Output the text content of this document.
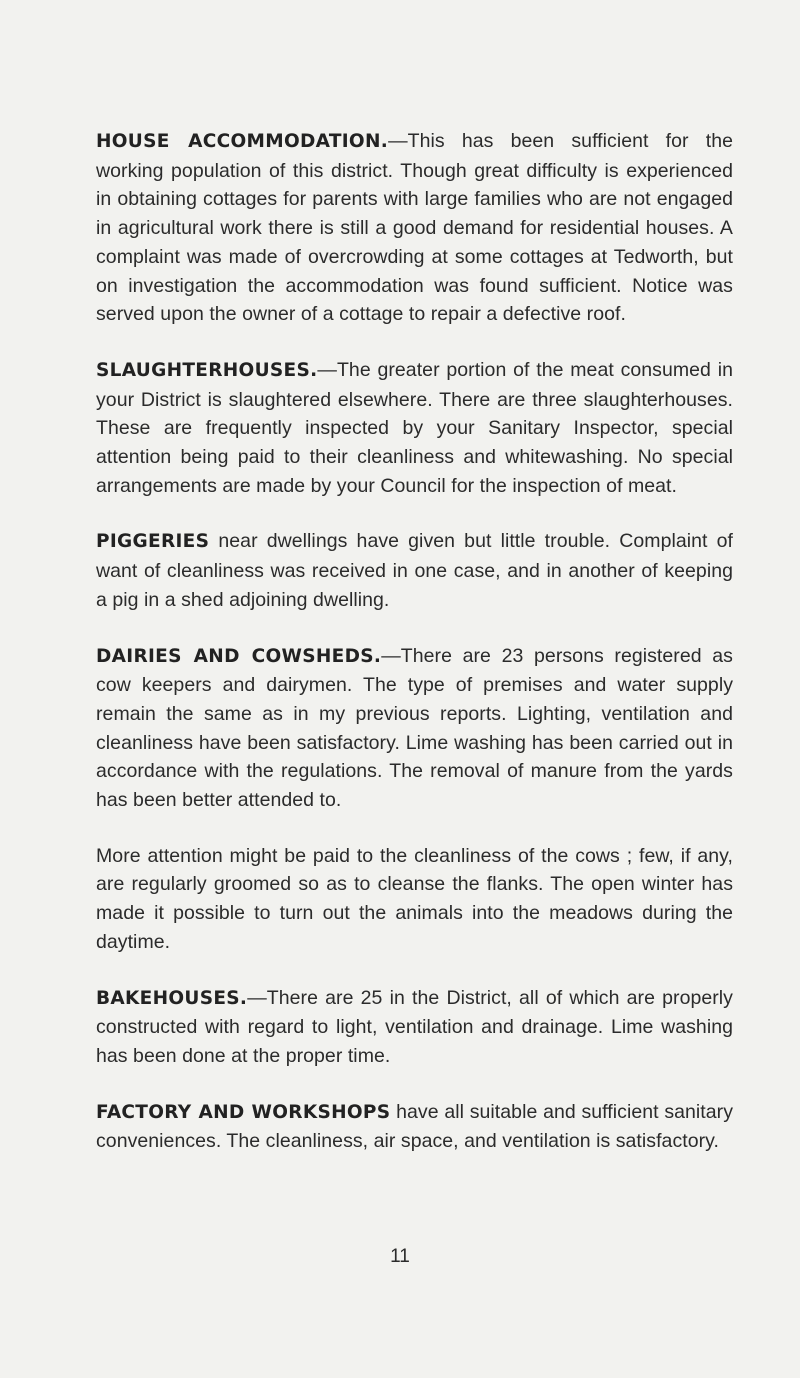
HOUSE ACCOMMODATION.—This has been sufficient for the working population of this district. Though great difficulty is experienced in obtaining cottages for parents with large families who are not engaged in agricultural work there is still a good demand for residential houses. A complaint was made of overcrowding at some cottages at Tedworth, but on investigation the accommodation was found sufficient. Notice was served upon the owner of a cottage to repair a defective roof.

SLAUGHTERHOUSES.—The greater portion of the meat consumed in your District is slaughtered elsewhere. There are three slaughterhouses. These are frequently inspected by your Sanitary Inspector, special attention being paid to their cleanliness and whitewashing. No special arrangements are made by your Council for the inspection of meat.

PIGGERIES near dwellings have given but little trouble. Complaint of want of cleanliness was received in one case, and in another of keeping a pig in a shed adjoining dwelling.

DAIRIES AND COWSHEDS.—There are 23 persons registered as cow keepers and dairymen. The type of premises and water supply remain the same as in my previous reports. Lighting, ventilation and cleanliness have been satisfactory. Lime washing has been carried out in accordance with the regulations. The removal of manure from the yards has been better attended to.

More attention might be paid to the cleanliness of the cows ; few, if any, are regularly groomed so as to cleanse the flanks. The open winter has made it possible to turn out the animals into the meadows during the daytime.

BAKEHOUSES.—There are 25 in the District, all of which are properly constructed with regard to light, ventilation and drainage. Lime washing has been done at the proper time.

FACTORY AND WORKSHOPS have all suitable and sufficient sanitary conveniences. The cleanliness, air space, and ventilation is satisfactory.

11
